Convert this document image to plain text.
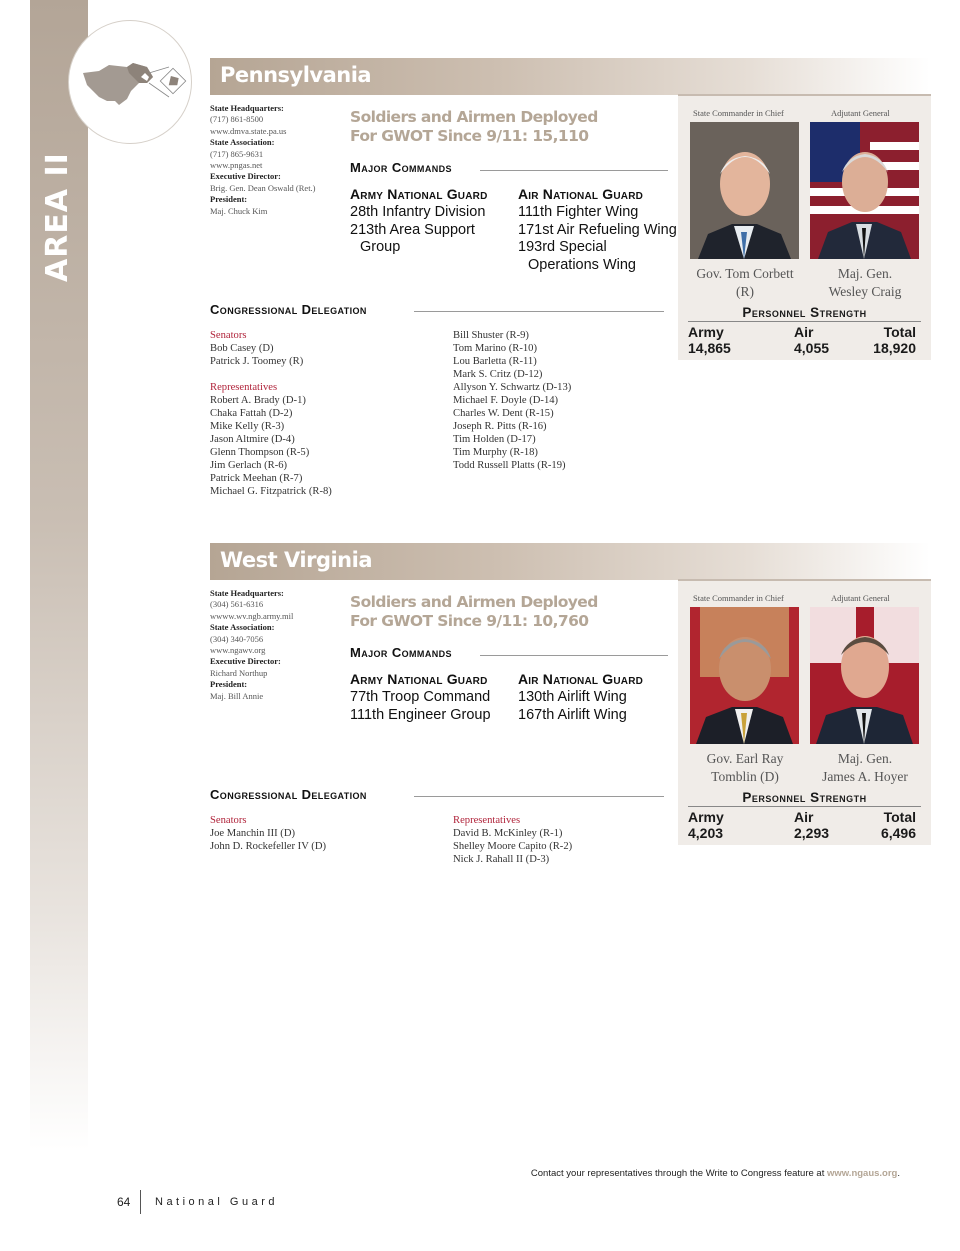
AREA II
Pennsylvania
State Headquarters:
(717) 861-8500
www.dmva.state.pa.us
State Association:
(717) 865-9631
www.pngas.net
Executive Director:
Brig. Gen. Dean Oswald (Ret.)
President:
Maj. Chuck Kim
Soldiers and Airmen Deployed
For GWOT Since 9/11: 15,110
Major Commands
Army National Guard
28th Infantry Division
213th Area Support
Group
Air National Guard
111th Fighter Wing
171st Air Refueling Wing
193rd Special
Operations Wing
Congressional Delegation
Senators
Bob Casey (D)
Patrick J. Toomey (R)
Representatives
Robert A. Brady (D-1)
Chaka Fattah (D-2)
Mike Kelly (R-3)
Jason Altmire (D-4)
Glenn Thompson (R-5)
Jim Gerlach (R-6)
Patrick Meehan (R-7)
Michael G. Fitzpatrick (R-8)
Bill Shuster (R-9)
Tom Marino (R-10)
Lou Barletta (R-11)
Mark S. Critz (D-12)
Allyson Y. Schwartz (D-13)
Michael F. Doyle (D-14)
Charles W. Dent (R-15)
Joseph R. Pitts (R-16)
Tim Holden (D-17)
Tim Murphy (R-18)
Todd Russell Platts (R-19)
State Commander in Chief	Adjutant General
Gov. Tom Corbett
(R)
Maj. Gen.
Wesley Craig
Personnel Strength
Army	Air	Total
14,865	4,055	18,920
West Virginia
State Headquarters:
(304) 561-6316
wwww.wv.ngb.army.mil
State Association:
(304) 340-7056
www.ngawv.org
Executive Director:
Richard Northup
President:
Maj. Bill Annie
Soldiers and Airmen Deployed
For GWOT Since 9/11: 10,760
Major Commands
Army National Guard
77th Troop Command
111th Engineer Group
Air National Guard
130th Airlift Wing
167th Airlift Wing
Congressional Delegation
Senators
Joe Manchin III (D)
John D. Rockefeller IV (D)
Representatives
David B. McKinley (R-1)
Shelley Moore Capito (R-2)
Nick J. Rahall II (D-3)
State Commander in Chief	Adjutant General
Gov. Earl Ray
Tomblin (D)
Maj. Gen.
James A. Hoyer
Personnel Strength
Army	Air	Total
4,203	2,293	6,496
Contact your representatives through the Write to Congress feature at www.ngaus.org.
64 National Guard
